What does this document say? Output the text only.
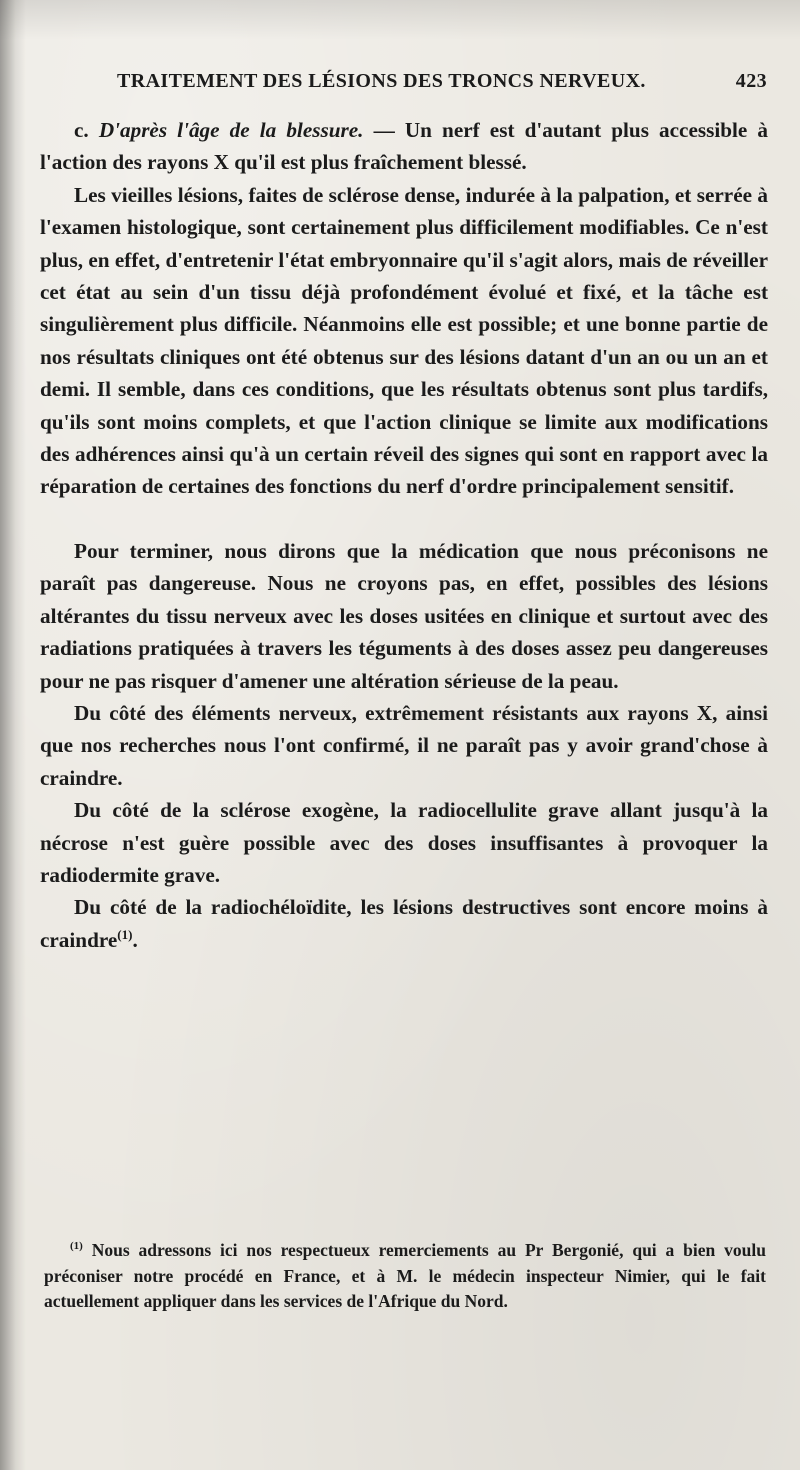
TRAITEMENT DES LÉSIONS DES TRONCS NERVEUX.	423

c. D'après l'âge de la blessure. — Un nerf est d'autant plus accessible à l'action des rayons X qu'il est plus fraîchement blessé.

Les vieilles lésions, faites de sclérose dense, indurée à la palpation, et serrée à l'examen histologique, sont certainement plus difficilement modifiables. Ce n'est plus, en effet, d'entretenir l'état embryonnaire qu'il s'agit alors, mais de réveiller cet état au sein d'un tissu déjà profondément évolué et fixé, et la tâche est singulièrement plus difficile. Néanmoins elle est possible; et une bonne partie de nos résultats cliniques ont été obtenus sur des lésions datant d'un an ou un an et demi. Il semble, dans ces conditions, que les résultats obtenus sont plus tardifs, qu'ils sont moins complets, et que l'action clinique se limite aux modifications des adhérences ainsi qu'à un certain réveil des signes qui sont en rapport avec la réparation de certaines des fonctions du nerf d'ordre principalement sensitif.

Pour terminer, nous dirons que la médication que nous préconisons ne paraît pas dangereuse. Nous ne croyons pas, en effet, possibles des lésions altérantes du tissu nerveux avec les doses usitées en clinique et surtout avec des radiations pratiquées à travers les téguments à des doses assez peu dangereuses pour ne pas risquer d'amener une altération sérieuse de la peau.

Du côté des éléments nerveux, extrêmement résistants aux rayons X, ainsi que nos recherches nous l'ont confirmé, il ne paraît pas y avoir grand'chose à craindre.

Du côté de la sclérose exogène, la radiocellulite grave allant jusqu'à la nécrose n'est guère possible avec des doses insuffisantes à provoquer la radiodermite grave.

Du côté de la radiochéloïdite, les lésions destructives sont encore moins à craindre$^{(1)}$.

$^{(1)}$ Nous adressons ici nos respectueux remerciements au Pr Bergonié, qui a bien voulu préconiser notre procédé en France, et à M. le médecin inspecteur Nimier, qui le fait actuellement appliquer dans les services de l'Afrique du Nord.
